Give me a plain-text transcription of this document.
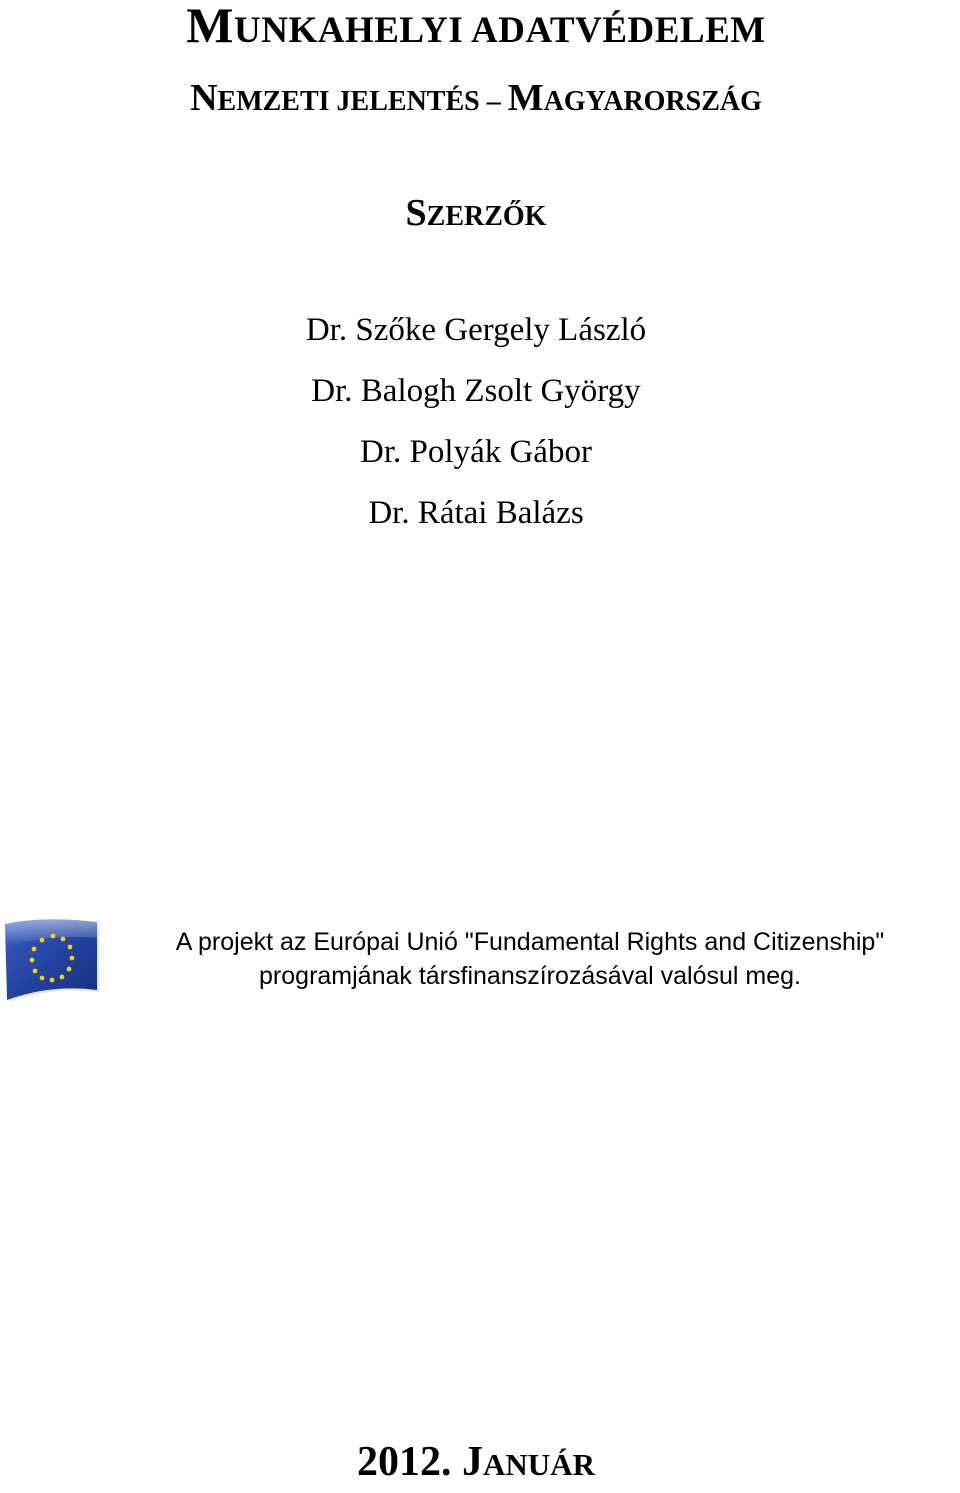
MUNKAHELYI ADATVÉDELEM
NEMZETI JELENTÉS – MAGYARORSZÁG
SZERZŐK
Dr. Szőke Gergely László
Dr. Balogh Zsolt György
Dr. Polyák Gábor
Dr. Rátai Balázs

A projekt az Európai Unió "Fundamental Rights and Citizenship"
programjának társfinanszírozásával valósul meg.

2012. JANUÁR
